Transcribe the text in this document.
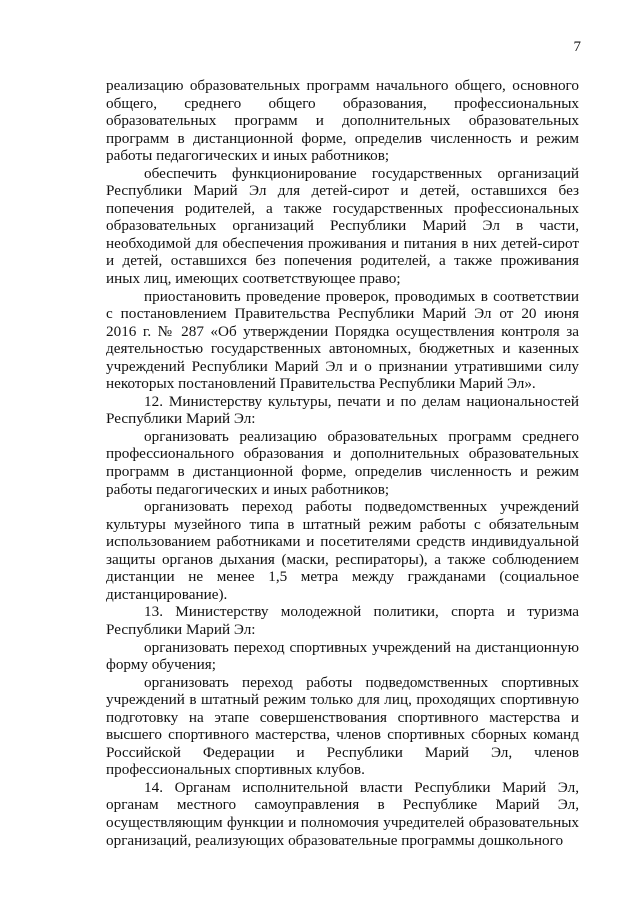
7

реализацию образовательных программ начального общего, основного общего, среднего общего образования, профессиональных образовательных программ и дополнительных образовательных программ в дистанционной форме, определив численность и режим работы педагогических и иных работников;

обеспечить функционирование государственных организаций Республики Марий Эл для детей-сирот и детей, оставшихся без попечения родителей, а также государственных профессиональных образовательных организаций Республики Марий Эл в части, необходимой для обеспечения проживания и питания в них детей-сирот и детей, оставшихся без попечения родителей, а также проживания иных лиц, имеющих соответствующее право;

приостановить проведение проверок, проводимых в соответствии с постановлением Правительства Республики Марий Эл от 20 июня 2016 г. № 287 «Об утверждении Порядка осуществления контроля за деятельностью государственных автономных, бюджетных и казенных учреждений Республики Марий Эл и о признании утратившими силу некоторых постановлений Правительства Республики Марий Эл».

12. Министерству культуры, печати и по делам национальностей Республики Марий Эл:

организовать реализацию образовательных программ среднего профессионального образования и дополнительных образовательных программ в дистанционной форме, определив численность и режим работы педагогических и иных работников;

организовать переход работы подведомственных учреждений культуры музейного типа в штатный режим работы с обязательным использованием работниками и посетителями средств индивидуальной защиты органов дыхания (маски, респираторы), а также соблюдением дистанции не менее 1,5 метра между гражданами (социальное дистанцирование).

13. Министерству молодежной политики, спорта и туризма Республики Марий Эл:

организовать переход спортивных учреждений на дистанционную форму обучения;

организовать переход работы подведомственных спортивных учреждений в штатный режим только для лиц, проходящих спортивную подготовку на этапе совершенствования спортивного мастерства и высшего спортивного мастерства, членов спортивных сборных команд Российской Федерации и Республики Марий Эл, членов профессиональных спортивных клубов.

14. Органам исполнительной власти Республики Марий Эл, органам местного самоуправления в Республике Марий Эл, осуществляющим функции и полномочия учредителей образовательных организаций, реализующих образовательные программы дошкольного
